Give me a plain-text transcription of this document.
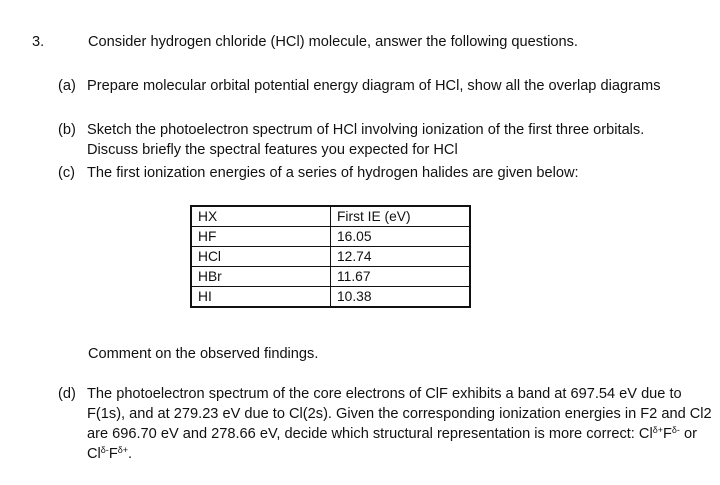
3.	Consider hydrogen chloride (HCl) molecule, answer the following questions.
(a) Prepare molecular orbital potential energy diagram of HCl, show all the overlap diagrams
(b) Sketch the photoelectron spectrum of HCl involving ionization of the first three orbitals. Discuss briefly the spectral features you expected for HCl
(c) The first ionization energies of a series of hydrogen halides are given below:
HX	First IE (eV)
HF	16.05
HCl	12.74
HBr	11.67
HI	10.38
Comment on the observed findings.
(d) The photoelectron spectrum of the core electrons of ClF exhibits a band at 697.54 eV due to F(1s), and at 279.23 eV due to Cl(2s). Given the corresponding ionization energies in F2 and Cl2 are 696.70 eV and 278.66 eV, decide which structural representation is more correct: $Cl^{\delta+}F^{\delta-}$ or $Cl^{\delta-}F^{\delta+}$.
